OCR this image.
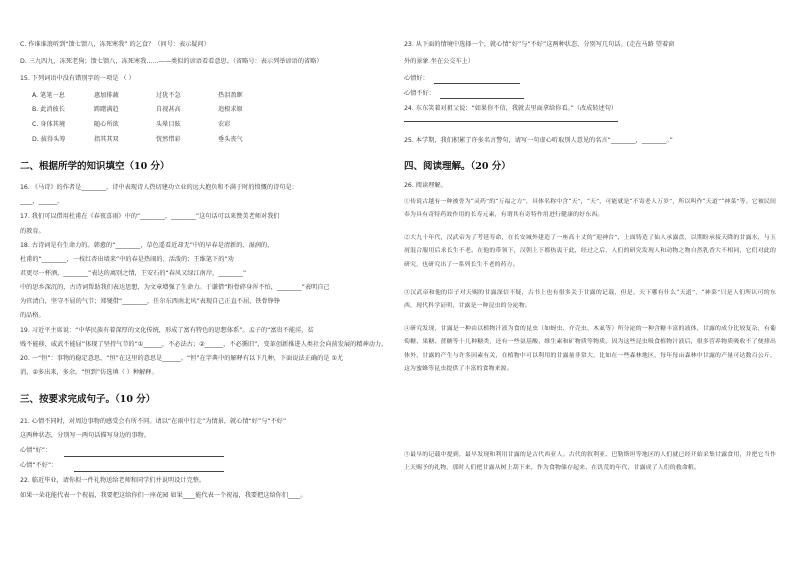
C. 作谁谁浪听到“馈七馈八，冻死寒我” 的乞食？（问号：表示疑问）
D. 三九四九，冻死老狗；馈七馈八，冻死寒我……——类似的谚语看看意思。（省略号：表示列举谚语的省略）
15. 下列词语中没有错别字的一项是 （ ）
A. 笔笔一息	惠加排蔬	过犹不急	热泪盈眶
B. 此消彼长	踌躇满趋	自视甚高	追根求原
C. 身体其境	随心所欲	头晕目眩	农彩
D. 拔得头筹	指其其双	恍然惜彩	垂头丧气
二、根据所学的知识填空（10 分）
16. 《马诗》的作者是________，诗中表现诗人热切建功立业的远大抱负和不满于时的愤慨的诗句是：
____，______。
17. 我们可以借用杜甫在《春夜喜雨》中的“________，________”这句话可以来赞美老师对我们
的教育。
18. 古诗词是有生命力的。韩愈的“________，草色遥看近却无”中的早春是清新的、湿润的，
杜甫的“________，一枝红杏出墙来”中的春是热闹的、活泼的；王维笔下的“劝
君更尽一杯酒，________”表达的离别之情，王安石的“春风又绿江南岸，________”
中的思乡深沉的，古诗词帮助我们表达思想，为文章增强了生命力。于谦借“粉骨碎身浑不怕，________”表明自己
为官清白，坚守不屈的气节；郑燮借“________，任尔东西南北风”表现自己正直不屈，铁骨铮铮
的品格。
19. 习近平主席说：“中华民族有着深厚的文化传统，形成了富有特色的思想体系”。孟子的“富贵不能淫，贫
贱不能移，威武不能屈”体现了坚持气节的“①______，不必法古；②______，不必循旧”，变革创新推进人类社会向前发展的精神动力。
20. 一“恒”：事物的稳定意思。“恒”在这里的意思是______。“恒”在字典中的解释有以下几种，下面说法正确的是 ①尤
消，②多出来，多余。“恒到”仿选填（ ）种解释。
三、按要求完成句子。（10 分）
21. 心情不同时，对周边事物的感受会有所不同。请以“在雨中行走”为情景，就心情“好”与“不好”
这两种状态，分别写一两句话描写身边的事物。
心情“好”：
心情“不好”：
22. 临近毕业，请你拟一件礼物送给老师和同学们并说明设计完整。
如果一朵花能代表一个祝福，我要把这给你们一座花园 如果____能代表一个祝福，我要把这给你们____。
23. 从下面的情境中选择一个，就心情“好”与“不好”这两种状态，分别写几句话。(走在马路 望着窗
外的景象 坐在公交车上）
心情好：
心情不好：
24. 东东笑着对祖父说：“如果你不信，我就去里面拿给你看。”（改成转述句）
25. 本学期，我们积累了许多名言警句，请写一句虚心听取别人意见的名言“________，________。”
四、阅读理解。（20 分）
26. 阅读理解。
①传说古越有一种被誉为“灵药”的“万福之方”，具体名称中含“天”，“天”，可能就是“不寄老人万岁”，所以叫作“天道”“神菜”等。它被民间奉为具有奇特药效作用的长寿元素，有谓其有奇特作用进行健康的好东西。
②大九十年代，汉武帝为了考延寿命，在长安城外建造了一座高十丈的“迎神台”，上面铸造了仙人承露盘，以期盼承接天降的甘露水，与玉屑混合服用后求长生不老。在他的带领下，汉朝上下都热衷于此，经过之后，人们的研究发现人和动物之物自然乳香大不相同，它们对此的研究，也研究出了一系列长生不老的药方。
③汉武帝和他的臣子对天赐的甘露深信不疑，古书上也有很多关于甘露的记载，但是，天下哪有什么“天道”，“神菜”只是人们所认可的东西，现代科学证明，甘露是一种昆虫的分泌物。
④研究发现，甘露是一种由以植物汁液为食的昆虫（如蚜虫、介壳虫、木虱等）所分泌的一种含糖丰富的液体，甘露的成分比较复杂，有葡萄糖、果糖、蔗糖等十几种糖类，还有一些氨基酸、维生素和矿物质等物质。因为这些昆虫吸食植物汁液后，很多营养物质吸收不了便排出体外，甘露的产生与许多因素有关，在植物中可以利用的甘露量非常大，比如在一些森林地区，每年每亩森林中甘露的产量可达数百公斤，这为蜜蜂等昆虫提供了丰富的食物来源。
⑤最早的记载中提到，最早发现和利用甘露的是古代西亚人。古代的叙利亚、巴勒斯坦等地区的人们就已经开始采集甘露食用，并把它当作上天赐予的礼物，那时人们把甘露从树上刮下来，作为食物储存起来，在饥荒的年代，甘露成了人们的救命粮。
